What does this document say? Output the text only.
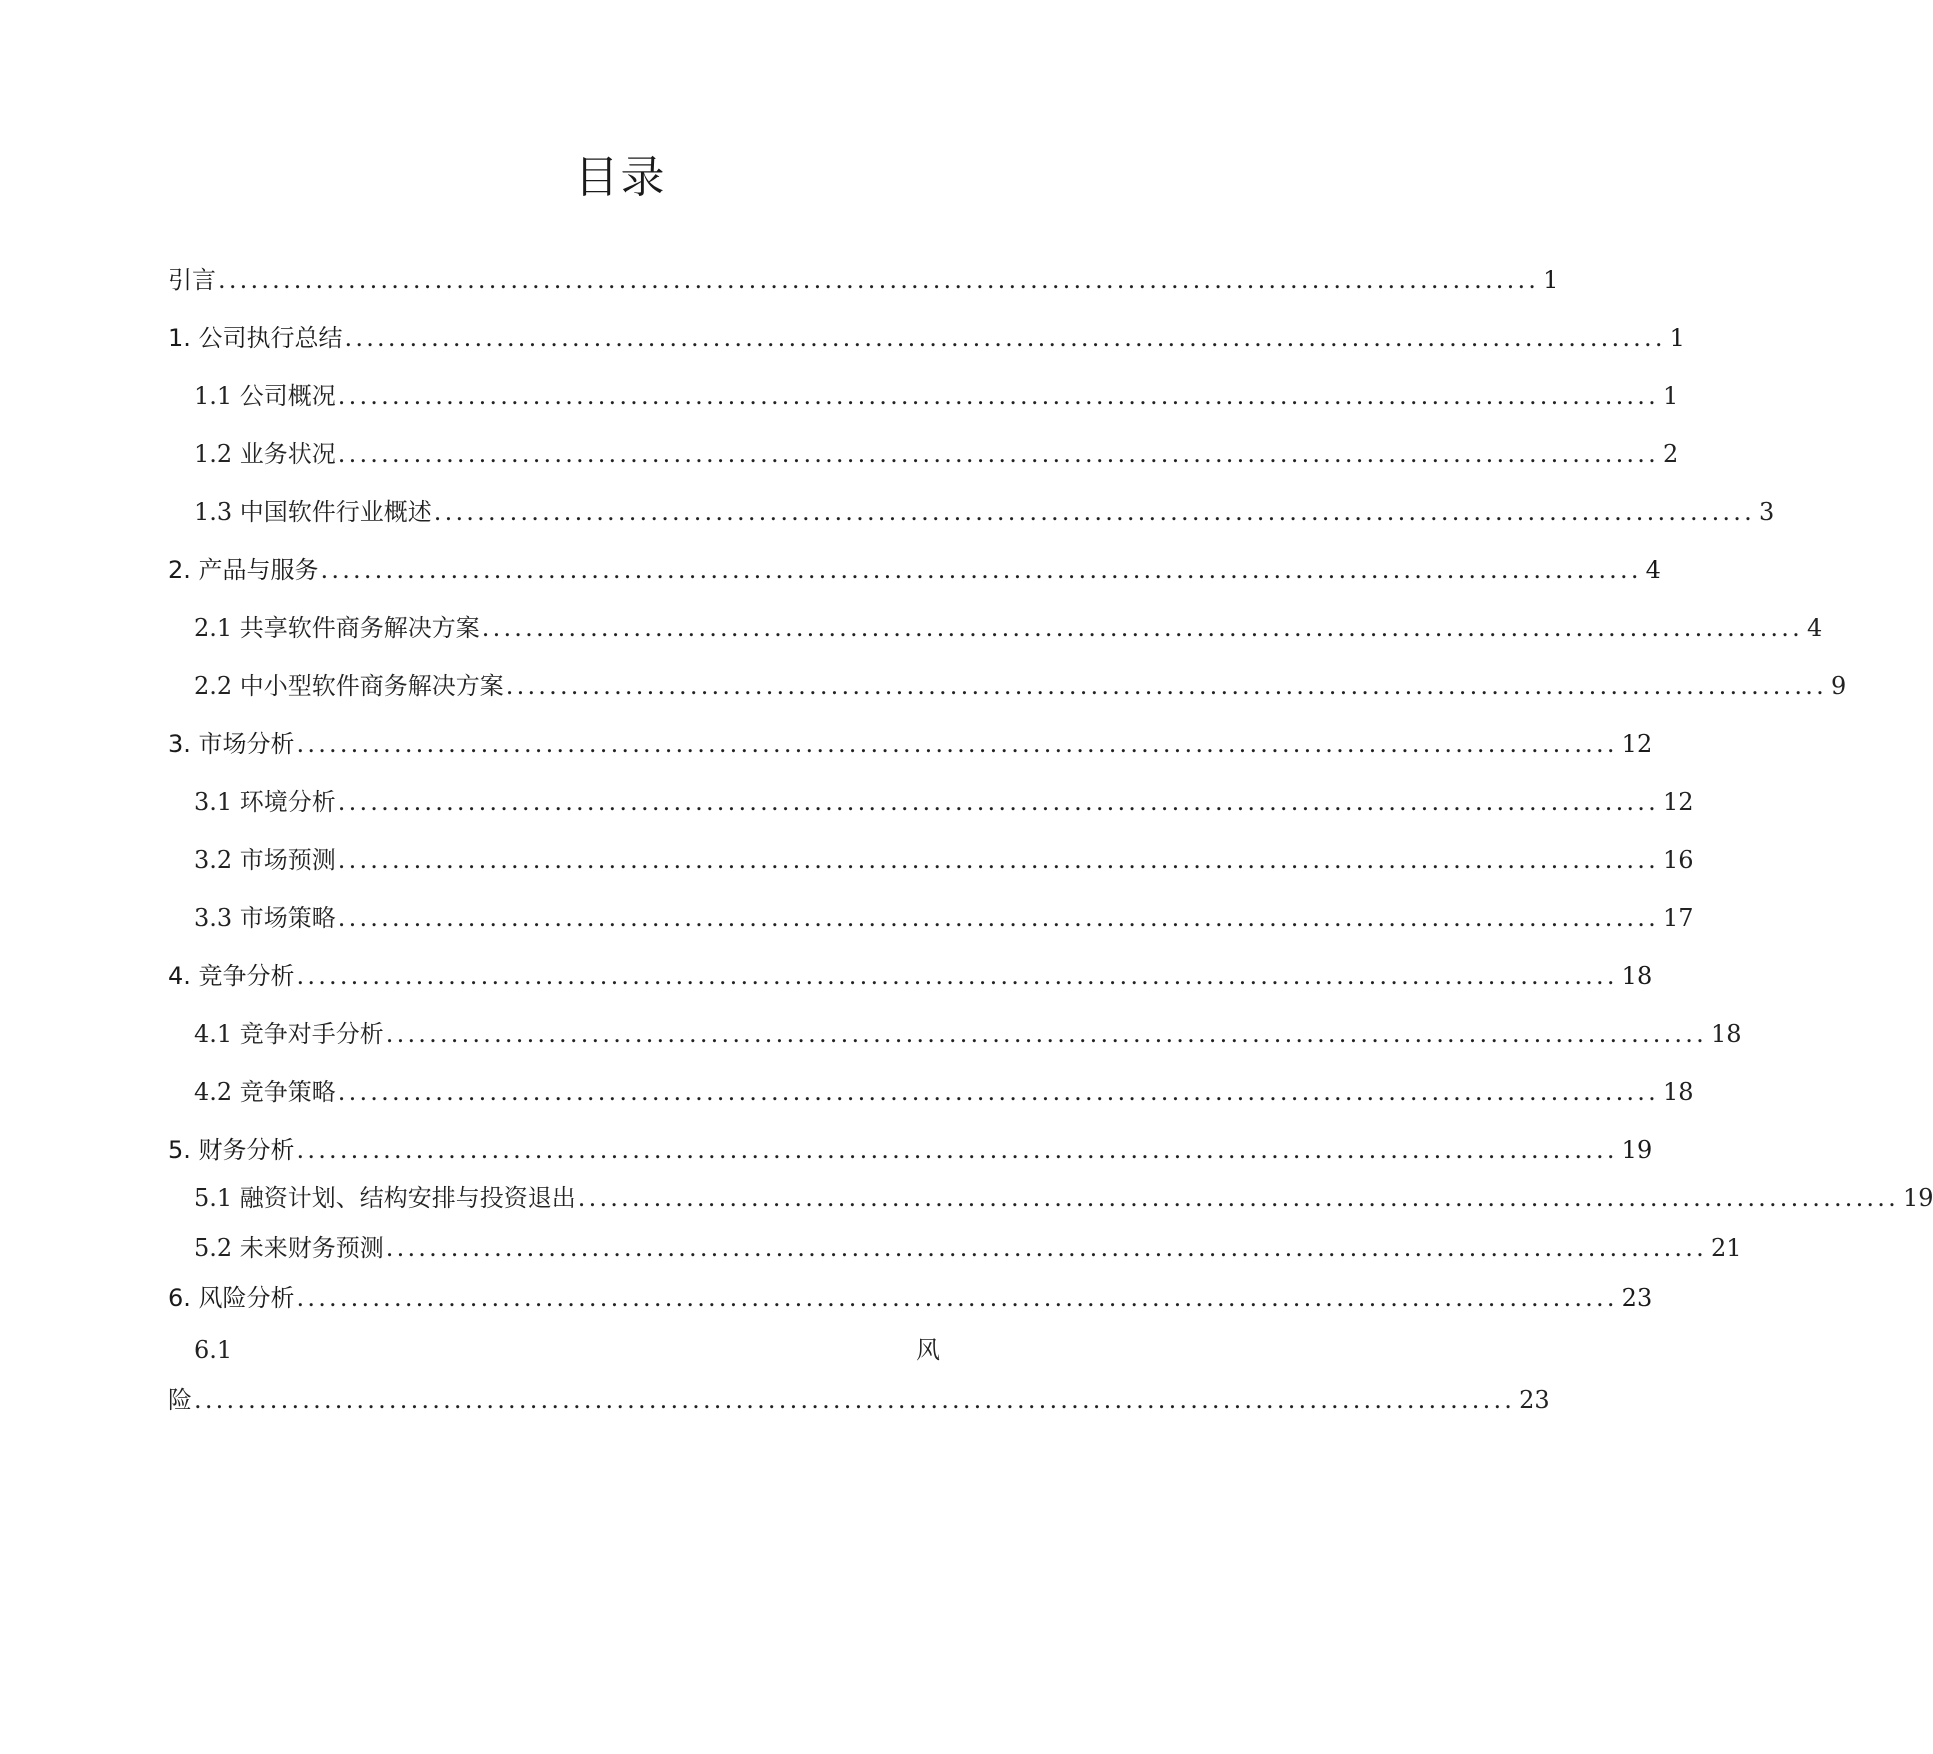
目录
引言 .......................................................................................................................... 1
1. 公司执行总结 .......................................................................................................................... 1
1.1 公司概况 .......................................................................................................................... 1
1.2 业务状况 .......................................................................................................................... 2
1.3 中国软件行业概述 .......................................................................................................................... 3
2. 产品与服务 .......................................................................................................................... 4
2.1 共享软件商务解决方案 .......................................................................................................................... 4
2.2 中小型软件商务解决方案 .......................................................................................................................... 9
3. 市场分析 .......................................................................................................................... 12
3.1 环境分析 .......................................................................................................................... 12
3.2 市场预测 .......................................................................................................................... 16
3.3 市场策略 .......................................................................................................................... 17
4. 竞争分析 .......................................................................................................................... 18
4.1 竞争对手分析 .......................................................................................................................... 18
4.2 竞争策略 .......................................................................................................................... 18
5. 财务分析 .......................................................................................................................... 19
5.1 融资计划、结构安排与投资退出 .......................................................................................................................... 19
5.2 未来财务预测 .......................................................................................................................... 21
6. 风险分析 .......................................................................................................................... 23
6.1	风
险 .......................................................................................................................... 23
